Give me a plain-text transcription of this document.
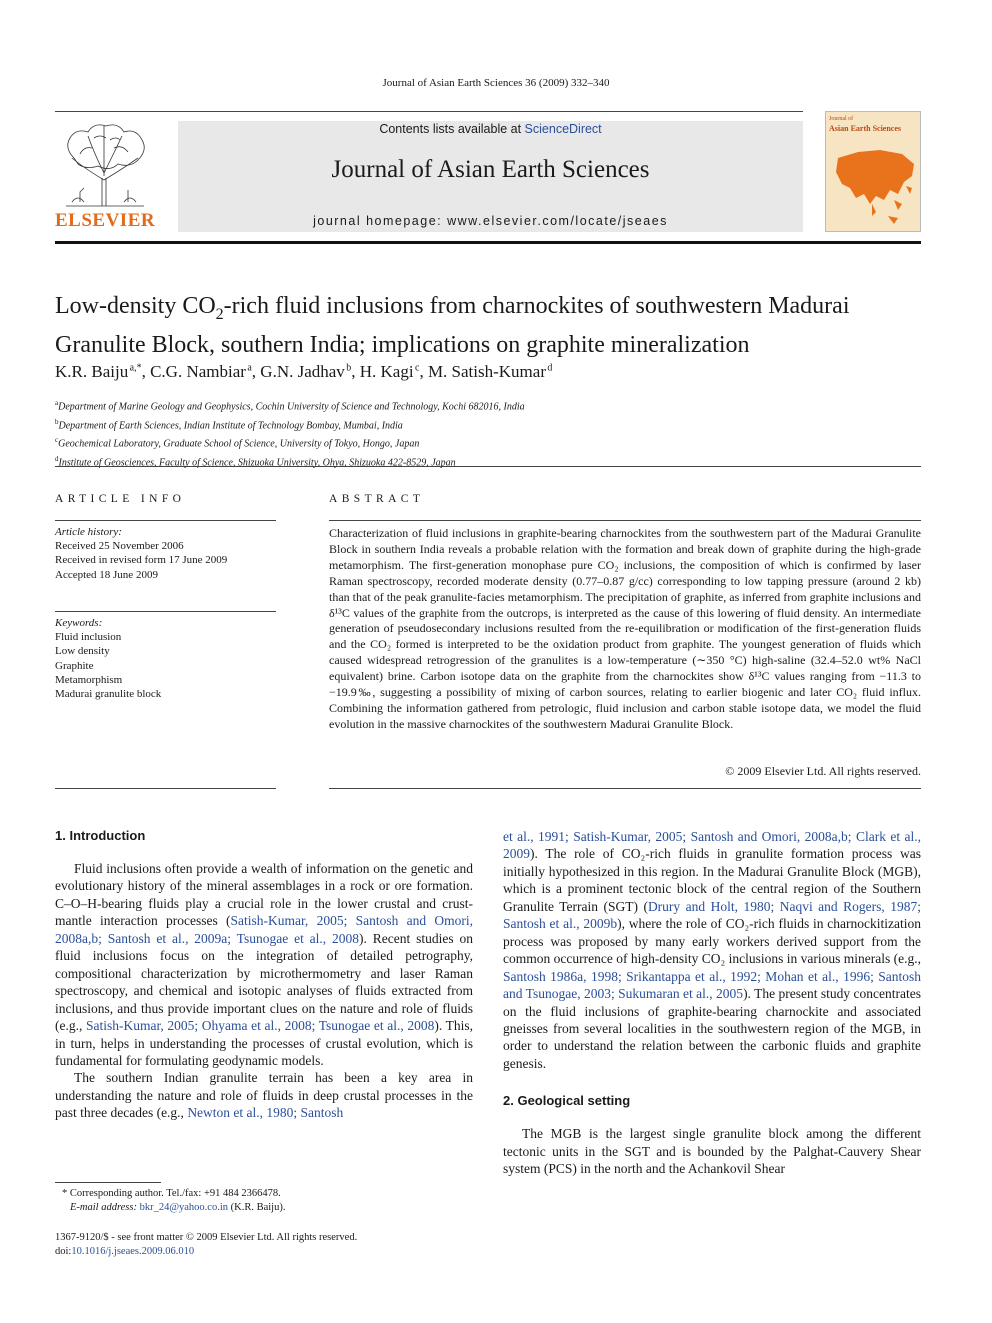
Journal of Asian Earth Sciences 36 (2009) 332–340
ELSEVIER
Contents lists available at ScienceDirect
Journal of Asian Earth Sciences
journal homepage: www.elsevier.com/locate/jseaes
Journal of
Asian Earth Sciences
Low-density $CO_2$-rich fluid inclusions from charnockites of southwestern Madurai Granulite Block, southern India; implications on graphite mineralization
K.R. Baiju $^{a,*}$, C.G. Nambiar $^a$, G.N. Jadhav $^b$, H. Kagi $^c$, M. Satish-Kumar $^d$
$^a$Department of Marine Geology and Geophysics, Cochin University of Science and Technology, Kochi 682016, India
$^b$Department of Earth Sciences, Indian Institute of Technology Bombay, Mumbai, India
$^c$Geochemical Laboratory, Graduate School of Science, University of Tokyo, Hongo, Japan
$^d$Institute of Geosciences, Faculty of Science, Shizuoka University, Ohya, Shizuoka 422-8529, Japan
ARTICLE INFO	ABSTRACT
Article history:
Received 25 November 2006
Received in revised form 17 June 2009
Accepted 18 June 2009
Keywords:
Fluid inclusion
Low density
Graphite
Metamorphism
Madurai granulite block
Characterization of fluid inclusions in graphite-bearing charnockites from the southwestern part of the Madurai Granulite Block in southern India reveals a probable relation with the formation and break down of graphite during the high-grade metamorphism. The first-generation monophase pure CO₂ inclusions, the composition of which is confirmed by laser Raman spectroscopy, recorded moderate density (0.77–0.87 g/cc) corresponding to low tapping pressure (around 2 kb) than that of the peak granulite-facies metamorphism. The precipitation of graphite, as inferred from graphite inclusions and δ¹³C values of the graphite from the outcrops, is interpreted as the cause of this lowering of fluid density. An intermediate generation of pseudosecondary inclusions resulted from the re-equilibration or modification of the first-generation fluids and the CO₂ formed is interpreted to be the oxidation product from graphite. The youngest generation of fluids which caused widespread retrogression of the granulites is a low-temperature (∼350 °C) high-saline (32.4–52.0 wt% NaCl equivalent) brine. Carbon isotope data on the graphite from the charnockites show δ¹³C values ranging from −11.3 to −19.9‰, suggesting a possibility of mixing of carbon sources, relating to earlier biogenic and later CO₂ fluid influx. Combining the information gathered from petrologic, fluid inclusion and carbon stable isotope data, we model the fluid evolution in the massive charnockites of the southwestern Madurai Granulite Block.
© 2009 Elsevier Ltd. All rights reserved.
1. Introduction

Fluid inclusions often provide a wealth of information on the genetic and evolutionary history of the mineral assemblages in a rock or ore formation. C–O–H-bearing fluids play a crucial role in the lower crustal and crust-mantle interaction processes (Satish-Kumar, 2005; Santosh and Omori, 2008a,b; Santosh et al., 2009a; Tsunogae et al., 2008). Recent studies on fluid inclusions focus on the integration of detailed petrography, compositional characterization by microthermometry and laser Raman spectroscopy, and chemical and isotopic analyses of fluids extracted from inclusions, and thus provide important clues on the nature and role of fluids (e.g., Satish-Kumar, 2005; Ohyama et al., 2008; Tsunogae et al., 2008). This, in turn, helps in understanding the processes of crustal evolution, which is fundamental for formulating geodynamic models.

The southern Indian granulite terrain has been a key area in understanding the nature and role of fluids in deep crustal processes in the past three decades (e.g., Newton et al., 1980; Santosh

et al., 1991; Satish-Kumar, 2005; Santosh and Omori, 2008a,b; Clark et al., 2009). The role of CO₂-rich fluids in granulite formation process was initially hypothesized in this region. In the Madurai Granulite Block (MGB), which is a prominent tectonic block of the central region of the Southern Granulite Terrain (SGT) (Drury and Holt, 1980; Naqvi and Rogers, 1987; Santosh et al., 2009b), where the role of CO₂-rich fluids in charnockitization process was proposed by many early workers derived support from the common occurrence of high-density CO₂ inclusions in various minerals (e.g., Santosh 1986a, 1998; Srikantappa et al., 1992; Mohan et al., 1996; Santosh and Tsunogae, 2003; Sukumaran et al., 2005). The present study concentrates on the fluid inclusions of graphite-bearing charnockite and associated gneisses from several localities in the southwestern region of the MGB, in order to understand the relation between the carbonic fluids and graphite genesis.

2. Geological setting

The MGB is the largest single granulite block among the different tectonic units in the SGT and is bounded by the Palghat-Cauvery Shear system (PCS) in the north and the Achankovil Shear

* Corresponding author. Tel./fax: +91 484 2366478.
E-mail address: bkr_24@yahoo.co.in (K.R. Baiju).
1367-9120/$ - see front matter © 2009 Elsevier Ltd. All rights reserved.
doi:10.1016/j.jseaes.2009.06.010
